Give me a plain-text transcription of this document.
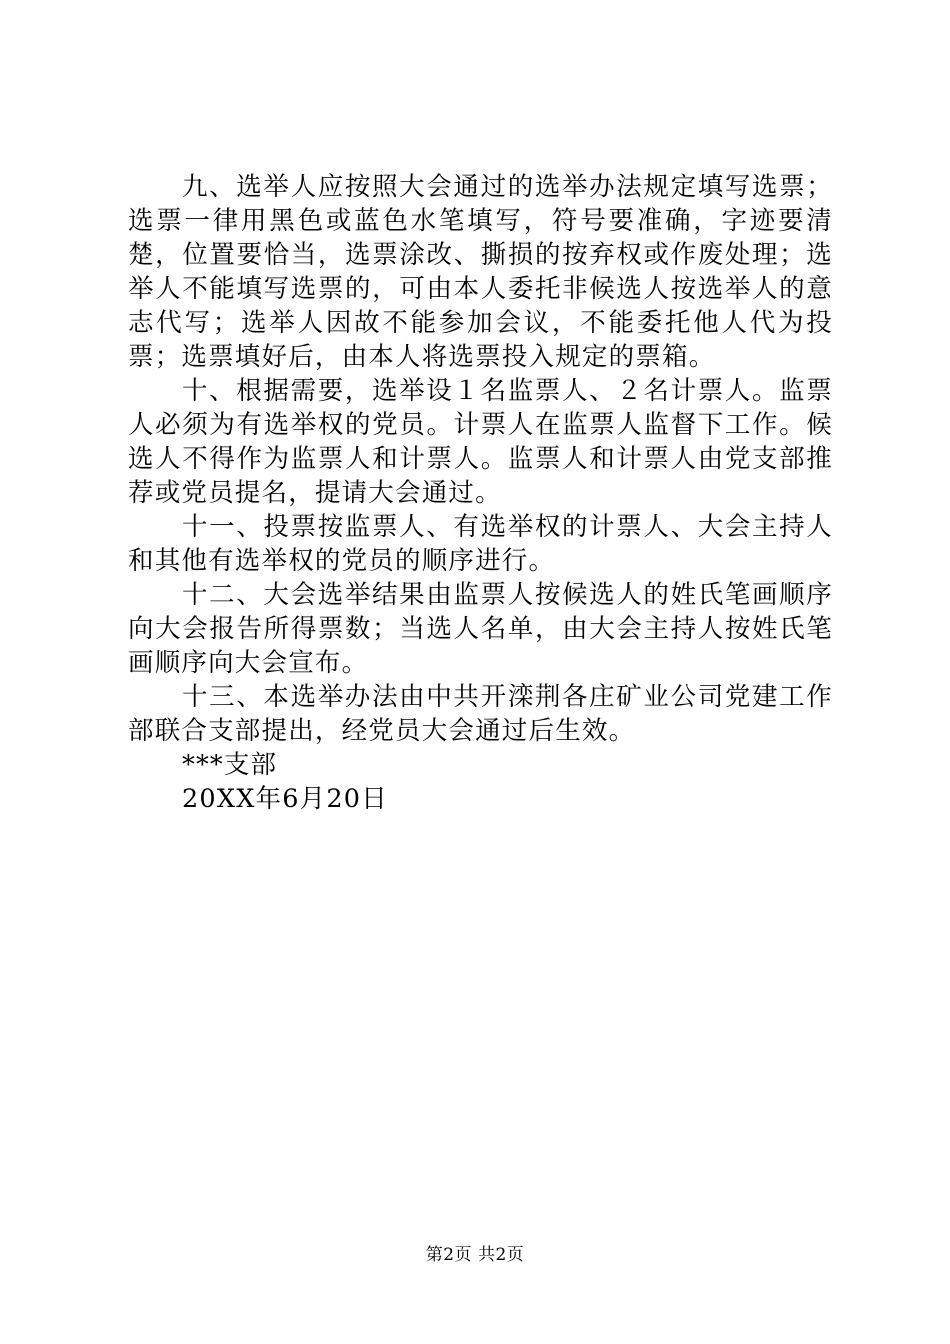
九、选举人应按照大会通过的选举办法规定填写选票；选票一律用黑色或蓝色水笔填写，符号要准确，字迹要清楚，位置要恰当，选票涂改、撕损的按弃权或作废处理；选举人不能填写选票的，可由本人委托非候选人按选举人的意志代写；选举人因故不能参加会议，不能委托他人代为投票；选票填好后，由本人将选票投入规定的票箱。

十、根据需要，选举设１名监票人、２名计票人。监票人必须为有选举权的党员。计票人在监票人监督下工作。候选人不得作为监票人和计票人。监票人和计票人由党支部推荐或党员提名，提请大会通过。

十一、投票按监票人、有选举权的计票人、大会主持人和其他有选举权的党员的顺序进行。

十二、大会选举结果由监票人按候选人的姓氏笔画顺序向大会报告所得票数；当选人名单，由大会主持人按姓氏笔画顺序向大会宣布。

十三、本选举办法由中共开滦荆各庄矿业公司党建工作部联合支部提出，经党员大会通过后生效。

***支部

20XX年6月20日

第2页 共2页
